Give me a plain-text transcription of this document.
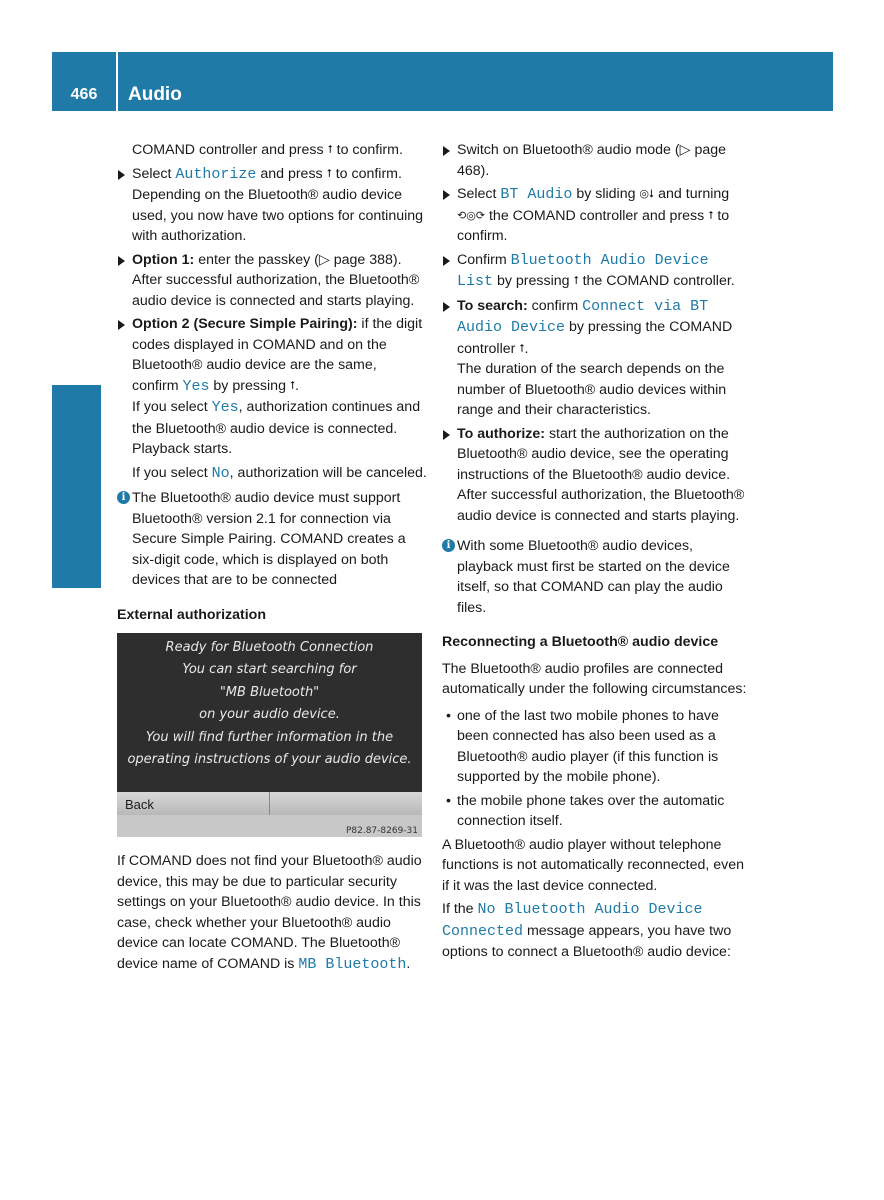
466	Audio
COMAND

COMAND controller and press ⭡ to confirm.

Select Authorize and press ⭡ to confirm.
Depending on the Bluetooth® audio device used, you now have two options for continuing with authorization.
Option 1: enter the passkey (▷ page 388).
After successful authorization, the Bluetooth® audio device is connected and starts playing.
Option 2 (Secure Simple Pairing): if the digit codes displayed in COMAND and on the Bluetooth® audio device are the same, confirm Yes by pressing ⭡.
If you select Yes, authorization continues and the Bluetooth® audio device is connected. Playback starts.
If you select No, authorization will be canceled.
i The Bluetooth® audio device must support Bluetooth® version 2.1 for connection via Secure Simple Pairing. COMAND creates a six-digit code, which is displayed on both devices that are to be connected
External authorization
Ready for Bluetooth Connection
You can start searching for
"MB Bluetooth"
on your audio device.
You will find further information in the
operating instructions of your audio device.
Back
P82.87-8269-31

If COMAND does not find your Bluetooth® audio device, this may be due to particular security settings on your Bluetooth® audio device. In this case, check whether your Bluetooth® audio device can locate COMAND. The Bluetooth® device name of COMAND is MB Bluetooth.

Switch on Bluetooth® audio mode (▷ page 468).
Select BT Audio by sliding ◎⭣ and turning ⟲◎⟳ the COMAND controller and press ⭡ to confirm.
Confirm Bluetooth Audio Device List by pressing ⭡ the COMAND controller.
To search: confirm Connect via BT Audio Device by pressing the COMAND controller ⭡.
The duration of the search depends on the number of Bluetooth® audio devices within range and their characteristics.
To authorize: start the authorization on the Bluetooth® audio device, see the operating instructions of the Bluetooth® audio device.
After successful authorization, the Bluetooth® audio device is connected and starts playing.
i With some Bluetooth® audio devices, playback must first be started on the device itself, so that COMAND can play the audio files.
Reconnecting a Bluetooth® audio device

The Bluetooth® audio profiles are connected automatically under the following circumstances:

• one of the last two mobile phones to have been connected has also been used as a Bluetooth® audio player (if this function is supported by the mobile phone).
• the mobile phone takes over the automatic connection itself.

A Bluetooth® audio player without telephone functions is not automatically reconnected, even if it was the last device connected.

If the No Bluetooth Audio Device Connected message appears, you have two options to connect a Bluetooth® audio device:
